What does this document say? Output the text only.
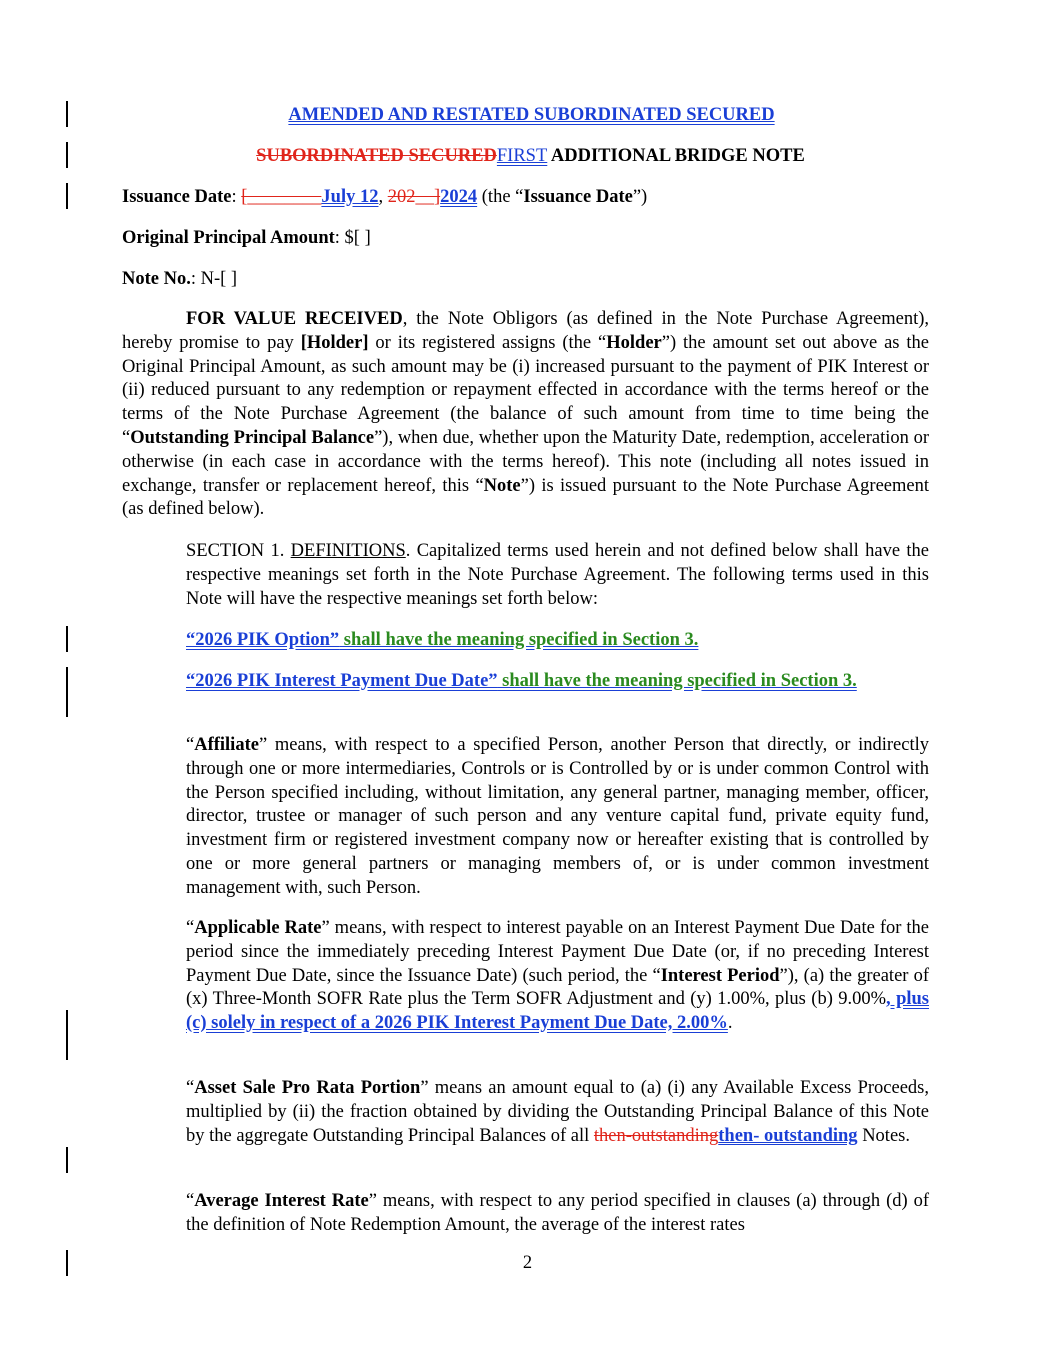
AMENDED AND RESTATED SUBORDINATED SECURED
SUBORDINATED SECUREDFIRST ADDITIONAL BRIDGE NOTE
Issuance Date: [________July 12, 202__]2024 (the “Issuance Date”)
Original Principal Amount: $[ ]
Note No.: N-[ ]
FOR VALUE RECEIVED, the Note Obligors (as defined in the Note Purchase Agreement), hereby promise to pay [Holder] or its registered assigns (the “Holder”) the amount set out above as the Original Principal Amount, as such amount may be (i) increased pursuant to the payment of PIK Interest or (ii) reduced pursuant to any redemption or repayment effected in accordance with the terms hereof or the terms of the Note Purchase Agreement (the balance of such amount from time to time being the “Outstanding Principal Balance”), when due, whether upon the Maturity Date, redemption, acceleration or otherwise (in each case in accordance with the terms hereof). This note (including all notes issued in exchange, transfer or replacement hereof, this “Note”) is issued pursuant to the Note Purchase Agreement (as defined below).
SECTION 1. DEFINITIONS. Capitalized terms used herein and not defined below shall have the respective meanings set forth in the Note Purchase Agreement. The following terms used in this Note will have the respective meanings set forth below:
“2026 PIK Option” shall have the meaning specified in Section 3.
“2026 PIK Interest Payment Due Date” shall have the meaning specified in Section 3.
“Affiliate” means, with respect to a specified Person, another Person that directly, or indirectly through one or more intermediaries, Controls or is Controlled by or is under common Control with the Person specified including, without limitation, any general partner, managing member, officer, director, trustee or manager of such person and any venture capital fund, private equity fund, investment firm or registered investment company now or hereafter existing that is controlled by one or more general partners or managing members of, or is under common investment management with, such Person.
“Applicable Rate” means, with respect to interest payable on an Interest Payment Due Date for the period since the immediately preceding Interest Payment Due Date (or, if no preceding Interest Payment Due Date, since the Issuance Date) (such period, the “Interest Period”), (a) the greater of (x) Three-Month SOFR Rate plus the Term SOFR Adjustment and (y) 1.00%, plus (b) 9.00%, plus (c) solely in respect of a 2026 PIK Interest Payment Due Date, 2.00%.
“Asset Sale Pro Rata Portion” means an amount equal to (a) (i) any Available Excess Proceeds, multiplied by (ii) the fraction obtained by dividing the Outstanding Principal Balance of this Note by the aggregate Outstanding Principal Balances of all then-outstandingthen- outstanding Notes.
“Average Interest Rate” means, with respect to any period specified in clauses (a) through (d) of the definition of Note Redemption Amount, the average of the interest rates
2
